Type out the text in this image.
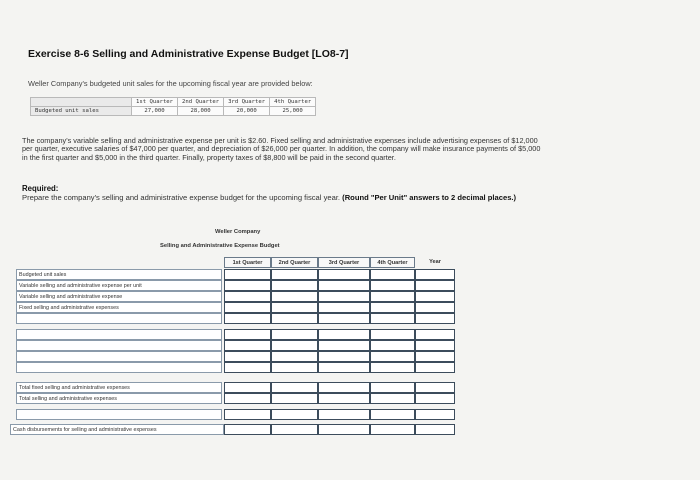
Exercise 8-6 Selling and Administrative Expense Budget [LO8-7]
Weller Company's budgeted unit sales for the upcoming fiscal year are provided below:
	1st Quarter	2nd Quarter	3rd Quarter	4th Quarter
Budgeted unit sales	27,000	28,000	20,000	25,000
The company's variable selling and administrative expense per unit is $2.60. Fixed selling and administrative expenses include advertising expenses of $12,000 per quarter, executive salaries of $47,000 per quarter, and depreciation of $26,000 per quarter. In addition, the company will make insurance payments of $5,000 in the first quarter and $5,000 in the third quarter. Finally, property taxes of $8,800 will be paid in the second quarter.
Required:
Prepare the company's selling and administrative expense budget for the upcoming fiscal year. (Round "Per Unit" answers to 2 decimal places.)
Weller Company
Selling and Administrative Expense Budget
1st Quarter	2nd Quarter	3rd Quarter	4th Quarter	Year
Budgeted unit sales
Variable selling and administrative expense per unit
Variable selling and administrative expense
Fixed selling and administrative expenses
Total fixed selling and administrative expenses
Total selling and administrative expenses
Cash disbursements for selling and administrative expenses
